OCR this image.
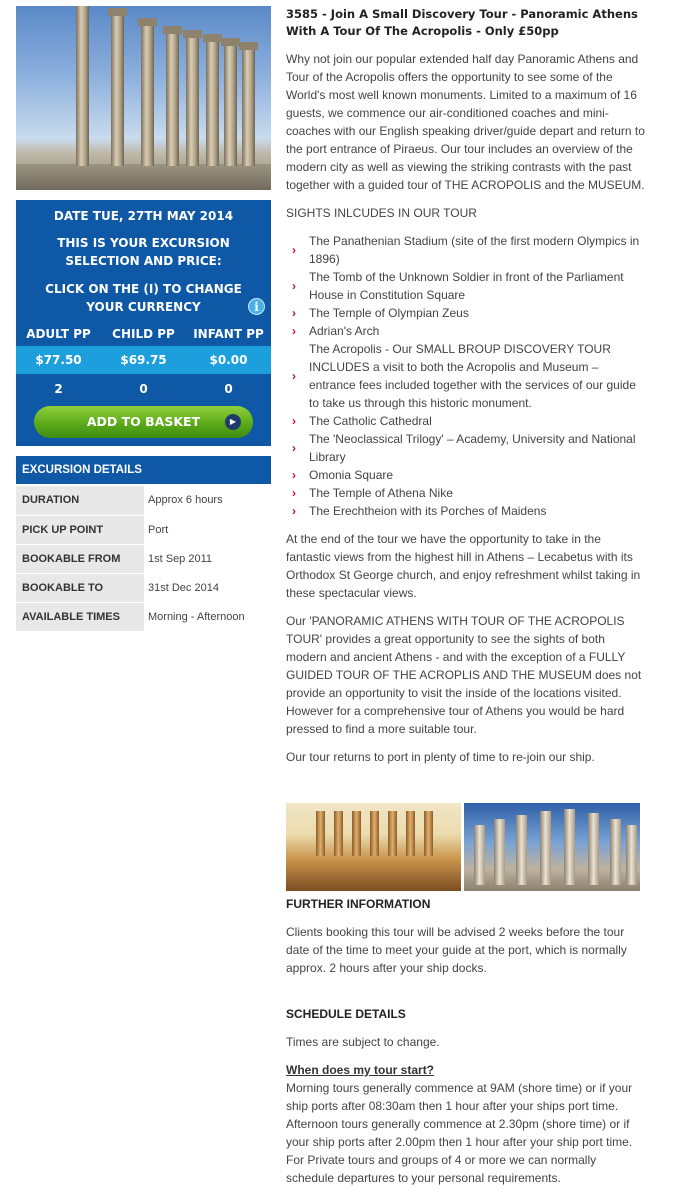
DATE TUE, 27TH MAY 2014
THIS IS YOUR EXCURSION SELECTION AND PRICE:
CLICK ON THE (I) TO CHANGE YOUR CURRENCY	i
ADULT PP	CHILD PP	INFANT PP
$77.50	$69.75	$0.00
2	0	0
ADD TO BASKET	▶
EXCURSION DETAILS
DURATION	Approx 6 hours
PICK UP POINT	Port
BOOKABLE FROM	1st Sep 2011
BOOKABLE TO	31st Dec 2014
AVAILABLE TIMES	Morning - Afternoon
3585 - Join A Small Discovery Tour - Panoramic Athens With A Tour Of The Acropolis - Only £50pp
Why not join our popular extended half day Panoramic Athens and Tour of the Acropolis offers the opportunity to see some of the World's most well known monuments. Limited to a maximum of 16 guests, we commence our air-conditioned coaches and mini-coaches with our English speaking driver/guide depart and return to the port entrance of Piraeus. Our tour includes an overview of the modern city as well as viewing the striking contrasts with the past together with a guided tour of THE ACROPOLIS and the MUSEUM.
SIGHTS INLCUDES IN OUR TOUR
›
The Panathenian Stadium (site of the first modern Olympics in 1896)
›
The Tomb of the Unknown Soldier in front of the Parliament House in Constitution Square
› The Temple of Olympian Zeus
› Adrian's Arch
›
The Acropolis - Our SMALL BROUP DISCOVERY TOUR INCLUDES a visit to both the Acropolis and Museum – entrance fees included together with the services of our guide to take us through this historic monument.
› The Catholic Cathedral
›
The 'Neoclassical Trilogy' – Academy, University and National Library
› Omonia Square
› The Temple of Athena Nike
› The Erechtheion with its Porches of Maidens
At the end of the tour we have the opportunity to take in the fantastic views from the highest hill in Athens – Lecabetus with its Orthodox St George church, and enjoy refreshment whilst taking in these spectacular views.
Our 'PANORAMIC ATHENS WITH TOUR OF THE ACROPOLIS TOUR' provides a great opportunity to see the sights of both modern and ancient Athens - and with the exception of a FULLY GUIDED TOUR OF THE ACROPLIS AND THE MUSEUM does not provide an opportunity to visit the inside of the locations visited. However for a comprehensive tour of Athens you would be hard pressed to find a more suitable tour.
Our tour returns to port in plenty of time to re-join our ship.
FURTHER INFORMATION
Clients booking this tour will be advised 2 weeks before the tour date of the time to meet your guide at the port, which is normally approx. 2 hours after your ship docks.
SCHEDULE DETAILS
Times are subject to change.
When does my tour start?
Morning tours generally commence at 9AM (shore time) or if your ship ports after 08:30am then 1 hour after your ships port time. Afternoon tours generally commence at 2.30pm (shore time) or if your ship ports after 2.00pm then 1 hour after your ship port time. For Private tours and groups of 4 or more we can normally schedule departures to your personal requirements.
